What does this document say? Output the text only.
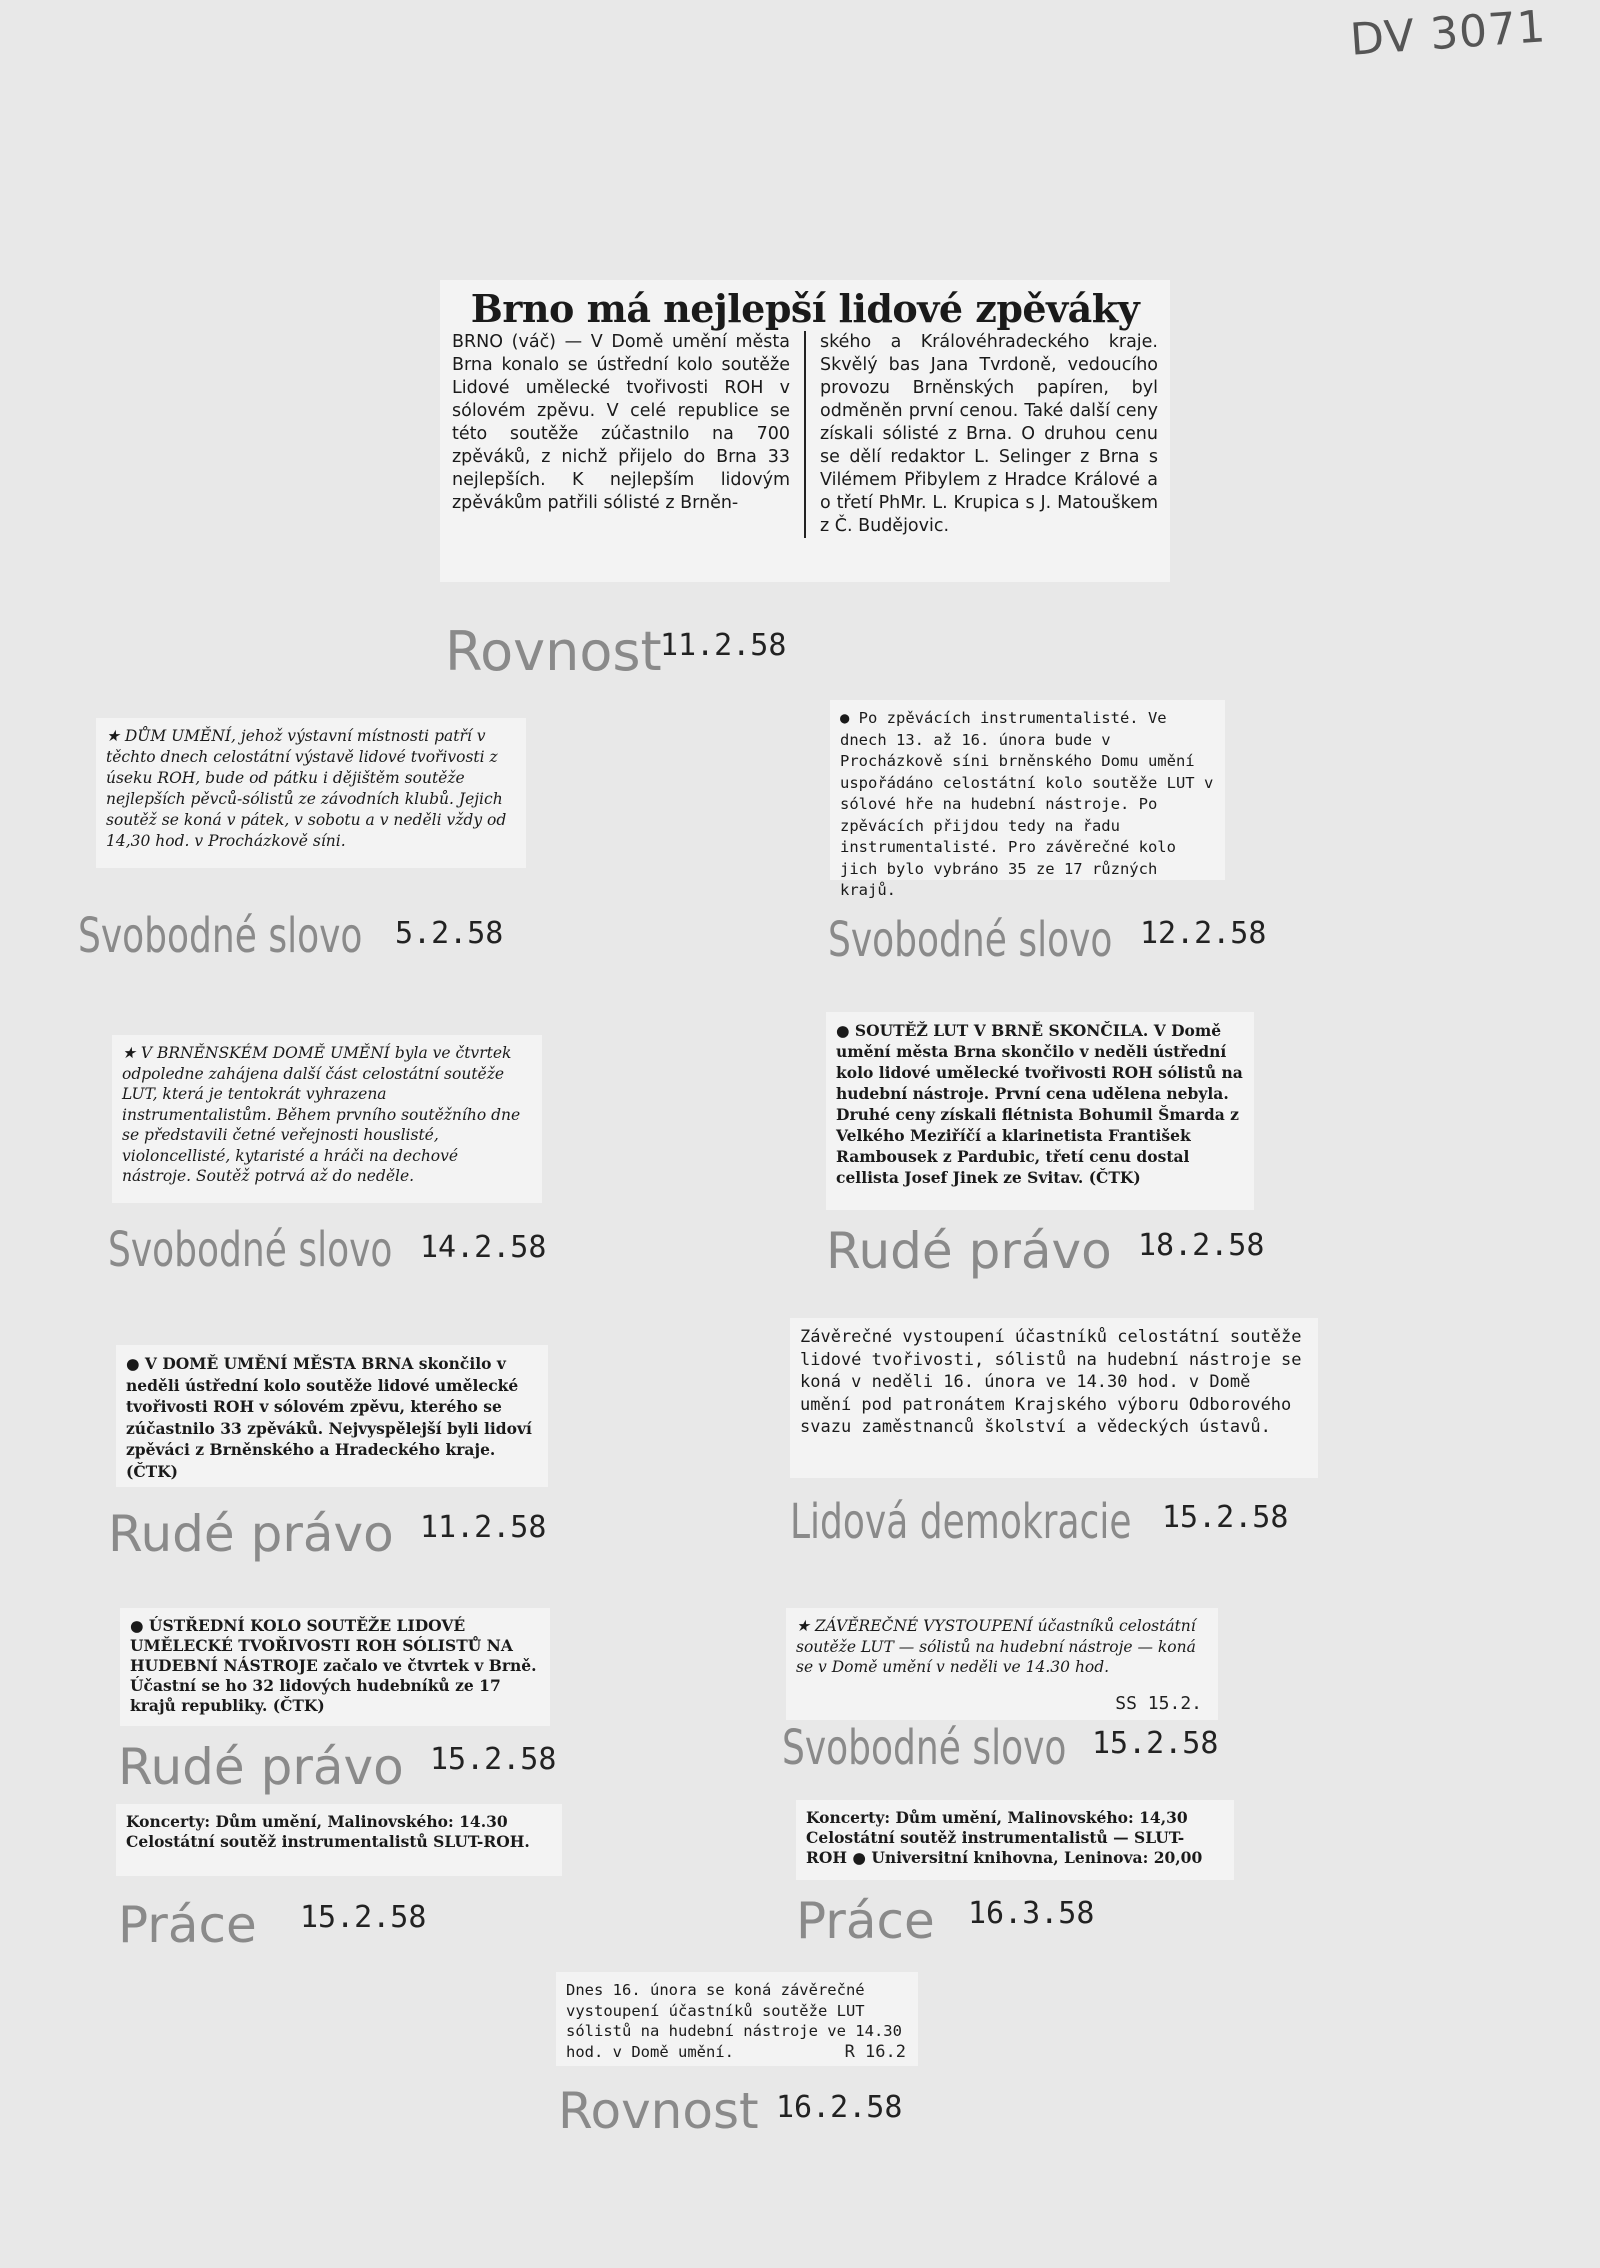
DV 3071

Brno má nejlepší lidové zpěváky

BRNO (váč) — V Domě umění města Brna konalo se ústřední kolo soutěže Lidové umělecké tvořivosti ROH v sólovém zpěvu. V celé republice se této soutěže zúčastnilo na 700 zpěváků, z nichž přijelo do Brna 33 nejlepších. K nejlepším lidovým zpěvákům patřili sólisté z Brněn-

ského a Královéhradeckého kraje. Skvělý bas Jana Tvrdoně, vedoucího provozu Brněnských papíren, byl odměněn první cenou. Také další ceny získali sólisté z Brna. O druhou cenu se dělí redaktor L. Selinger z Brna s Vilémem Přibylem z Hradce Králové a o třetí PhMr. L. Krupica s J. Matouškem z Č. Budějovic.

Rovnost
11.2.58

★ DŮM UMĚNÍ, jehož výstavní místnosti patří v těchto dnech celostátní výstavě lidové tvořivosti z úseku ROH, bude od pátku i dějištěm soutěže nejlepších pěvců-sólistů ze závodních klubů. Jejich soutěž se koná v pátek, v sobotu a v neděli vždy od 14,30 hod. v Procházkově síni.

Svobodné slovo 5.2.58

● Po zpěvácích instrumentalisté. Ve dnech 13. až 16. února bude v Procházkově síni brněnského Domu umění uspořádáno celostátní kolo soutěže LUT v sólové hře na hudební nástroje. Po zpěvácích přijdou tedy na řadu instrumentalisté. Pro závěrečné kolo jich bylo vybráno 35 ze 17 různých krajů.

Svobodné slovo 12.2.58

★ V BRNĚNSKÉM DOMĚ UMĚNÍ byla ve čtvrtek odpoledne zahájena další část celostátní soutěže LUT, která je tentokrát vyhrazena instrumentalistům. Během prvního soutěžního dne se představili četné veřejnosti houslisté, violoncellisté, kytaristé a hráči na dechové nástroje. Soutěž potrvá až do neděle.

Svobodné slovo 14.2.58

● SOUTĚŽ LUT V BRNĚ SKONČILA. V Domě umění města Brna skončilo v neděli ústřední kolo lidové umělecké tvořivosti ROH sólistů na hudební nástroje. První cena udělena nebyla. Druhé ceny získali flétnista Bohumil Šmarda z Velkého Meziříčí a klarinetista František Rambousek z Pardubic, třetí cenu dostal cellista Josef Jinek ze Svitav. (ČTK)

Rudé právo 18.2.58

● V DOMĚ UMĚNÍ MĚSTA BRNA skončilo v neděli ústřední kolo soutěže lidové umělecké tvořivosti ROH v sólovém zpěvu, kterého se zúčastnilo 33 zpěváků. Nejvyspělejší byli lidoví zpěváci z Brněnského a Hradeckého kraje. (ČTK)

Rudé právo 11.2.58

Závěrečné vystoupení účastníků celostátní soutěže lidové tvořivosti, sólistů na hudební nástroje se koná v neděli 16. února ve 14.30 hod. v Domě umění pod patronátem Krajského výboru Odborového svazu zaměstnanců školství a vědeckých ústavů.

Lidová demokracie 15.2.58

● ÚSTŘEDNÍ KOLO SOUTĚŽE LIDOVÉ UMĚLECKÉ TVOŘIVOSTI ROH SÓLISTŮ NA HUDEBNÍ NÁSTROJE začalo ve čtvrtek v Brně. Účastní se ho 32 lidových hudebníků ze 17 krajů republiky. (ČTK)

Rudé právo 15.2.58

★ ZÁVĚREČNÉ VYSTOUPENÍ účastníků celostátní soutěže LUT — sólistů na hudební nástroje — koná se v Domě umění v neděli ve 14.30 hod.

SS 15.2.

Svobodné slovo 15.2.58

Koncerty: Dům umění, Malinovského: 14.30 Celostátní soutěž instrumentalistů SLUT-ROH.

Práce 15.2.58

Koncerty: Dům umění, Malinovského: 14,30 Celostátní soutěž instrumentalistů — SLUT-ROH ● Universitní knihovna, Leninova: 20,00

Práce 16.3.58

Dnes 16. února se koná závěrečné vystoupení účastníků soutěže LUT sólistů na hudební nástroje ve 14.30 hod. v Domě umění.	R 16.2

Rovnost 16.2.58
